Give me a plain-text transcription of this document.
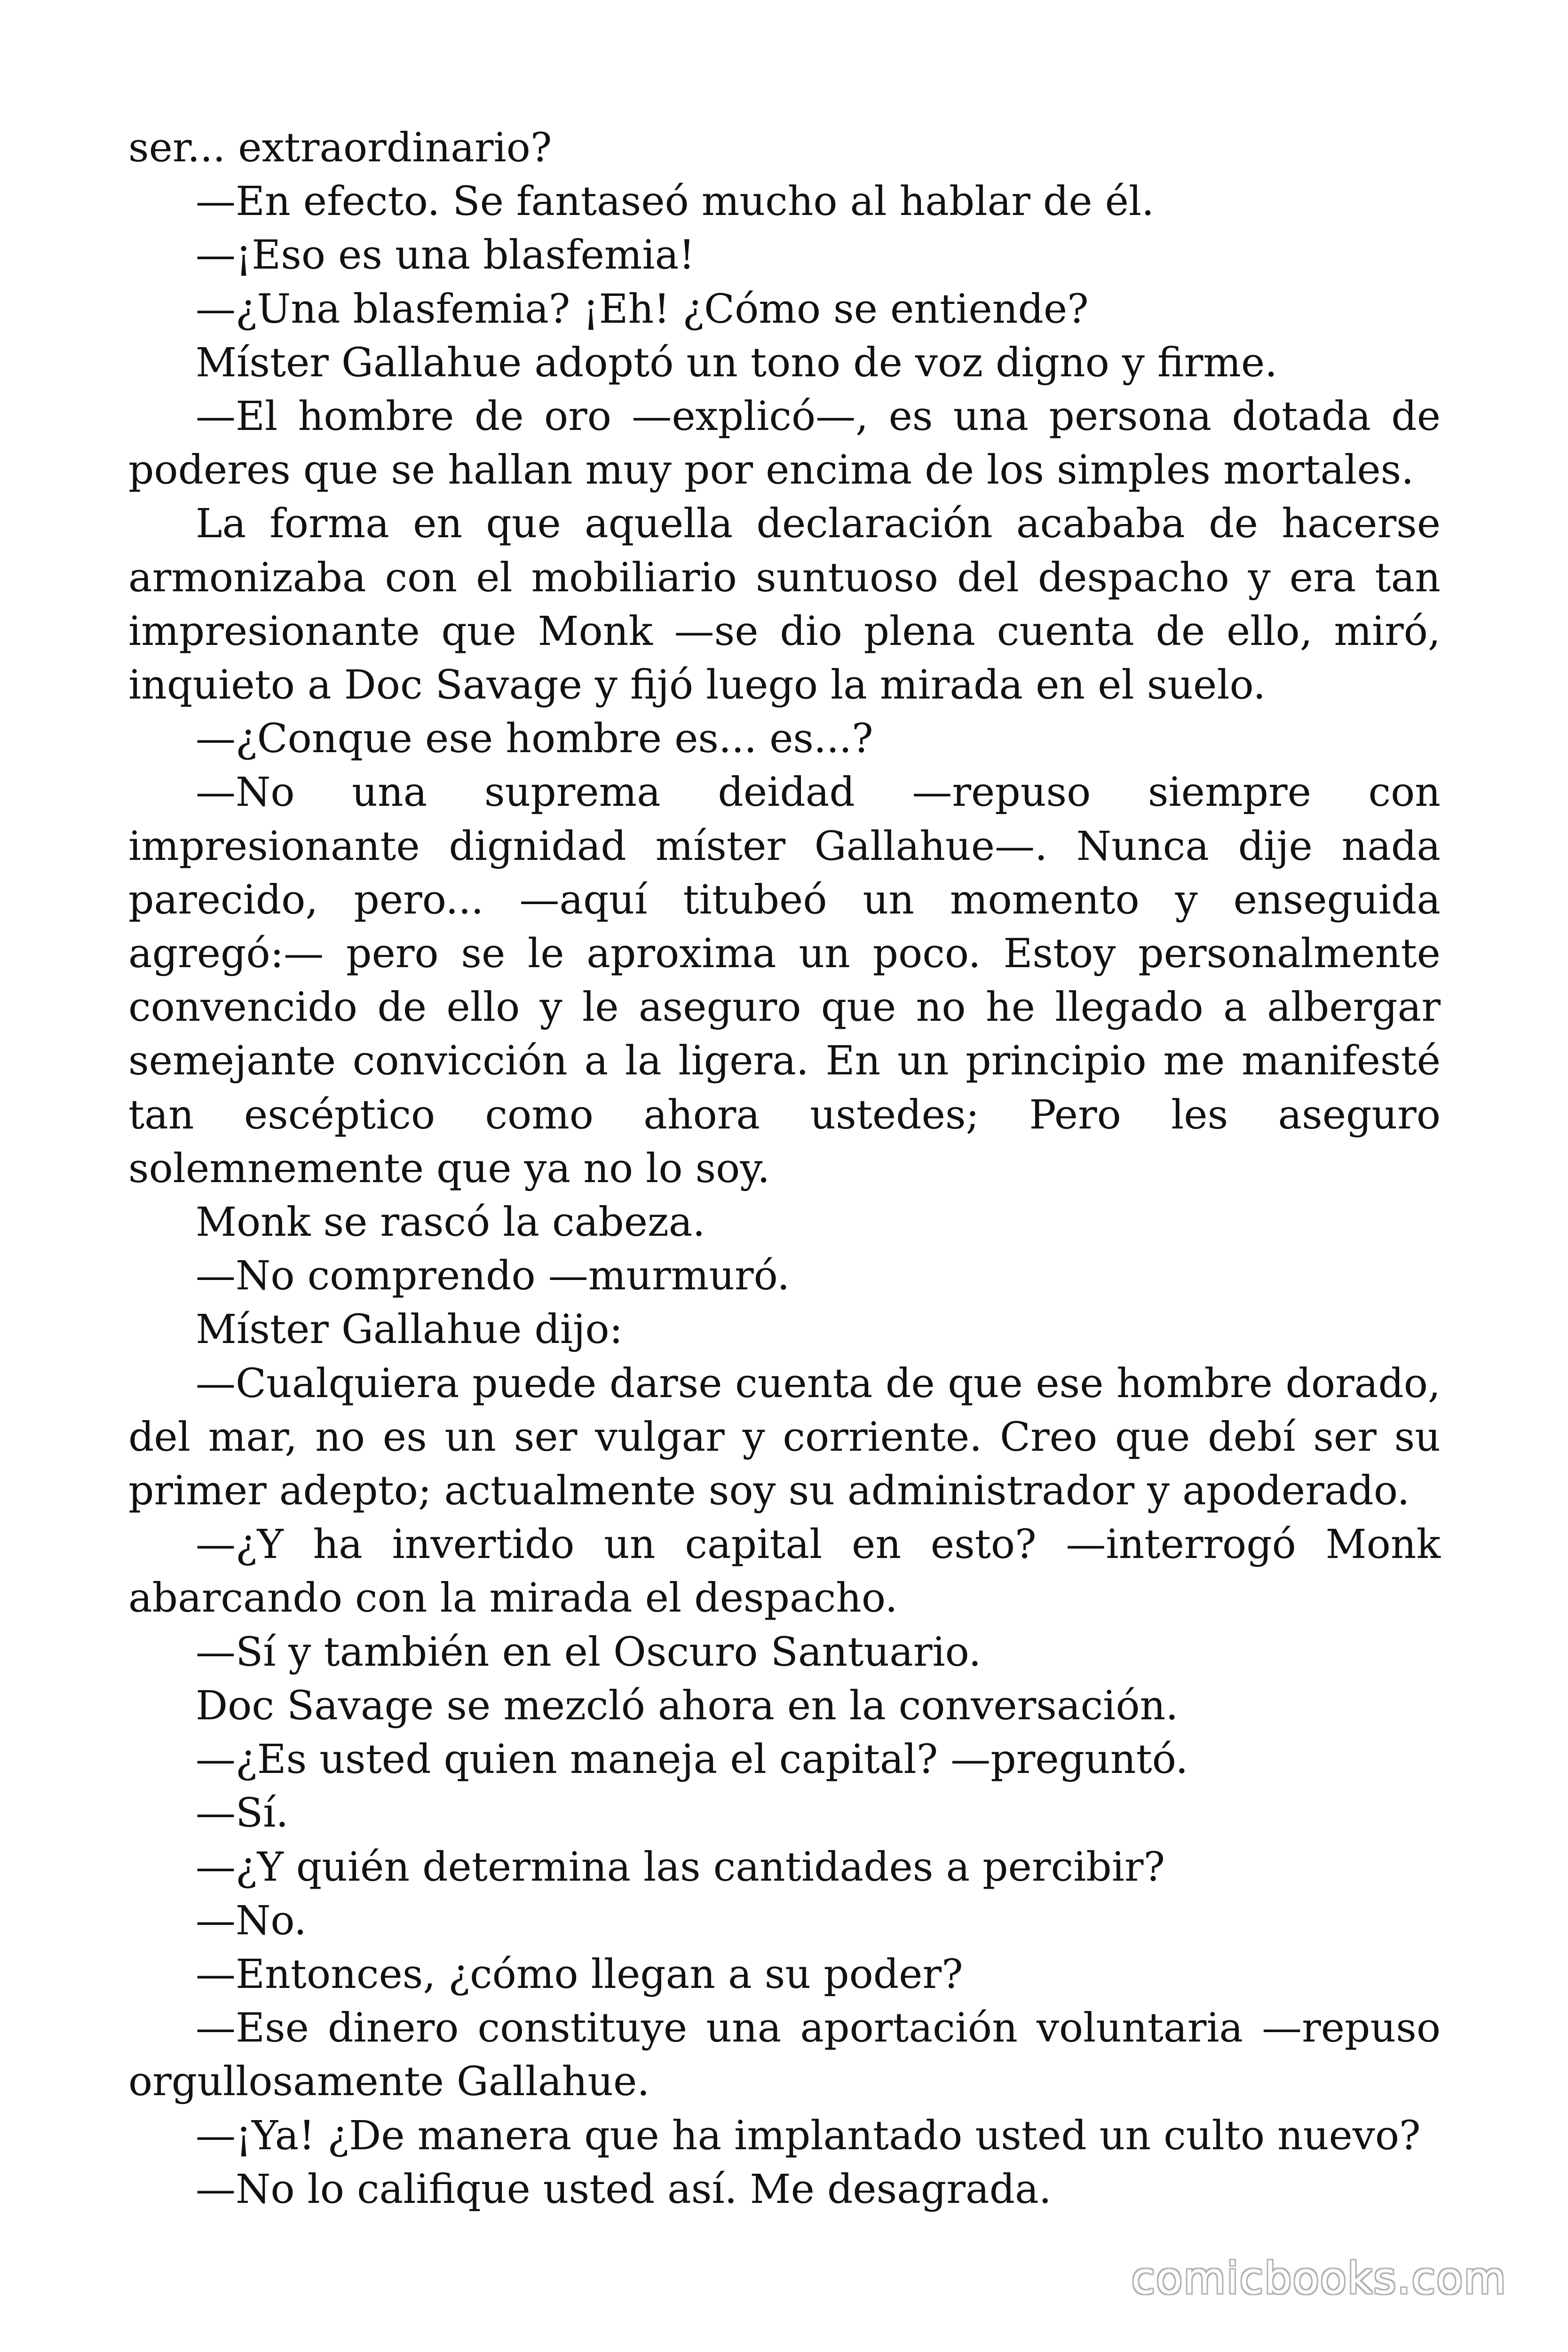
ser... extraordinario?

—En efecto. Se fantaseó mucho al hablar de él.

—¡Eso es una blasfemia!

—¿Una blasfemia? ¡Eh! ¿Cómo se entiende?

Míster Gallahue adoptó un tono de voz digno y firme.

—El hombre de oro —explicó—, es una persona dotada de poderes que se hallan muy por encima de los simples mortales.

La forma en que aquella declaración acababa de hacerse armonizaba con el mobiliario suntuoso del despacho y era tan impresionante que Monk —se dio plena cuenta de ello, miró, inquieto a Doc Savage y fijó luego la mirada en el suelo.

—¿Conque ese hombre es... es...?

—No una suprema deidad —repuso siempre con impresionante dignidad míster Gallahue—. Nunca dije nada parecido, pero... —aquí titubeó un momento y enseguida agregó:— pero se le aproxima un poco. Estoy personalmente convencido de ello y le aseguro que no he llegado a albergar semejante convicción a la ligera. En un principio me manifesté tan escéptico como ahora ustedes; Pero les aseguro solemnemente que ya no lo soy.

Monk se rascó la cabeza.

—No comprendo —murmuró.

Míster Gallahue dijo:

—Cualquiera puede darse cuenta de que ese hombre dorado, del mar, no es un ser vulgar y corriente. Creo que debí ser su primer adepto; actualmente soy su administrador y apoderado.

—¿Y ha invertido un capital en esto? —interrogó Monk abarcando con la mirada el despacho.

—Sí y también en el Oscuro Santuario.

Doc Savage se mezcló ahora en la conversación.

—¿Es usted quien maneja el capital? —preguntó.

—Sí.

—¿Y quién determina las cantidades a percibir?

—No.

—Entonces, ¿cómo llegan a su poder?

—Ese dinero constituye una aportación voluntaria —repuso orgullosamente Gallahue.

—¡Ya! ¿De manera que ha implantado usted un culto nuevo?

—No lo califique usted así. Me desagrada.

comicbooks.com
